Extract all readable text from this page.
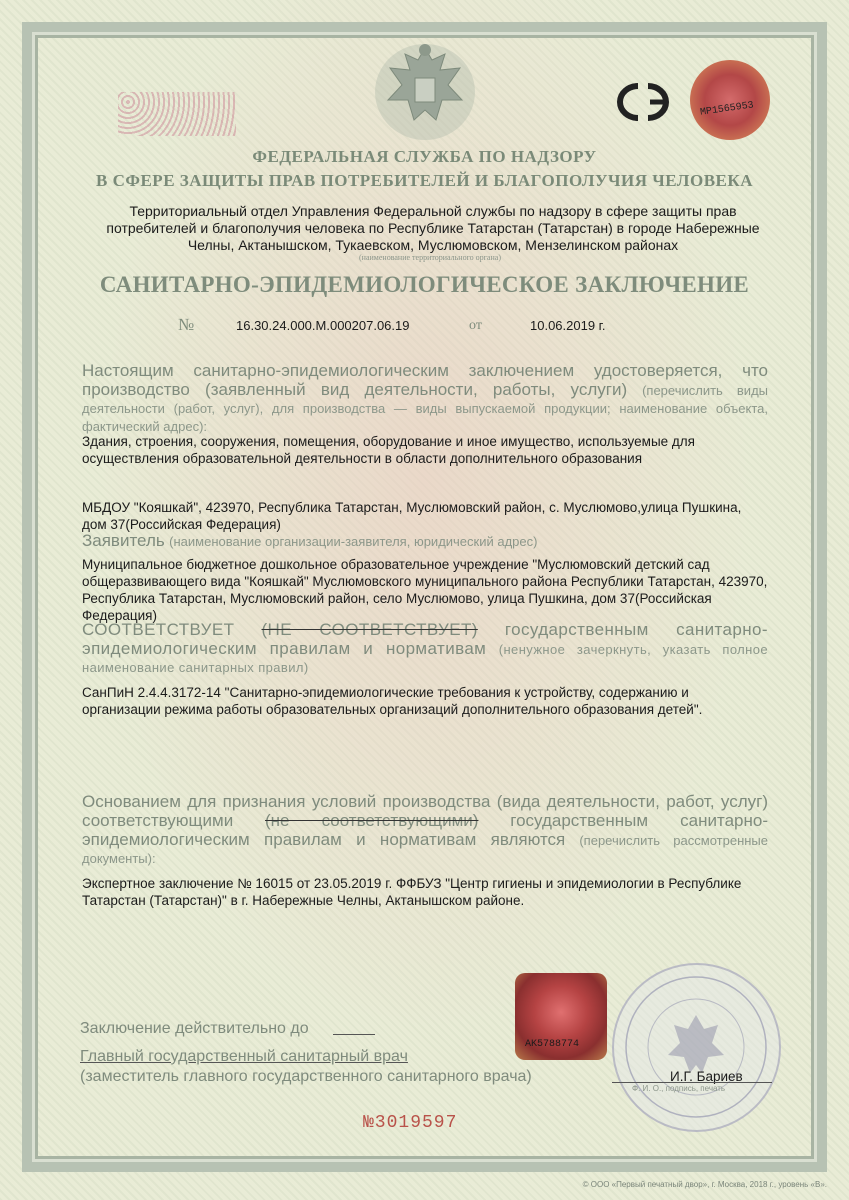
MP1565953
ФЕДЕРАЛЬНАЯ СЛУЖБА ПО НАДЗОРУ
В СФЕРЕ ЗАЩИТЫ ПРАВ ПОТРЕБИТЕЛЕЙ И БЛАГОПОЛУЧИЯ ЧЕЛОВЕКА
Территориальный отдел Управления Федеральной службы по надзору в сфере защиты прав потребителей и благополучия человека по Республике Татарстан (Татарстан) в городе Набережные Челны, Актанышском, Тукаевском, Муслюмовском, Мензелинском районах
(наименование территориального органа)
САНИТАРНО-ЭПИДЕМИОЛОГИЧЕСКОЕ ЗАКЛЮЧЕНИЕ
№	16.30.24.000.М.000207.06.19	от	10.06.2019 г.
Настоящим санитарно-эпидемиологическим заключением удостоверяется, что производство (заявленный вид деятельности, работы, услуги) (перечислить виды деятельности (работ, услуг), для производства — виды выпускаемой продукции; наименование объекта, фактический адрес):
Здания, строения, сооружения, помещения, оборудование и иное имущество, используемые для осуществления образовательной деятельности в области дополнительного образования
МБДОУ "Кояшкай", 423970, Республика Татарстан, Муслюмовский район, с. Муслюмово,улица Пушкина, дом 37(Российская Федерация)
Заявитель (наименование организации-заявителя, юридический адрес)
Муниципальное бюджетное дошкольное образовательное учреждение "Муслюмовский детский сад общеразвивающего вида "Кояшкай" Муслюмовского муниципального района Республики Татарстан, 423970, Республика Татарстан, Муслюмовский район, село Муслюмово, улица Пушкина, дом 37(Российская Федерация)
СООТВЕТСТВУЕТ (НЕ СООТВЕТСТВУЕТ) государственным санитарно-эпидемиологическим правилам и нормативам (ненужное зачеркнуть, указать полное наименование санитарных правил)
СанПиН 2.4.4.3172-14 "Санитарно-эпидемиологические требования к устройству, содержанию и организации режима работы образовательных организаций дополнительного образования детей".
Основанием для признания условий производства (вида деятельности, работ, услуг) соответствующими (не соответствующими) государственным санитарно-эпидемиологическим правилам и нормативам являются (перечислить рассмотренные документы):
Экспертное заключение № 16015 от 23.05.2019 г. ФФБУЗ "Центр гигиены и эпидемиологии в Республике Татарстан (Татарстан)" в г. Набережные Челны, Актанышском районе.
AK5788774
Заключение действительно до
Главный государственный санитарный врач
(заместитель главного государственного санитарного врача)	И.Г. Бариев
Ф. И. О., подпись, печать
№3019597
© ООО «Первый печатный двор», г. Москва, 2018 г., уровень «В».
